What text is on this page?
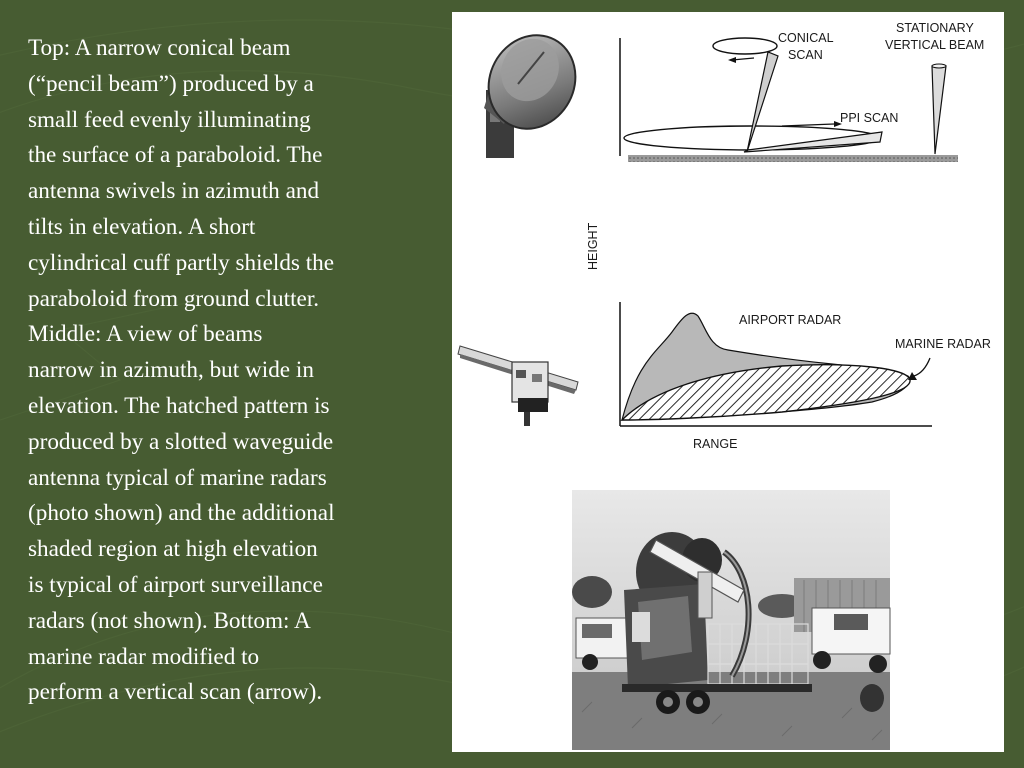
Top: A narrow conical beam
(“pencil beam”) produced by a
small feed evenly illuminating
the surface of a paraboloid. The
antenna swivels in azimuth and
tilts in elevation. A short
cylindrical cuff partly shields the
paraboloid from ground clutter.
Middle: A view of beams
narrow in azimuth, but wide in
elevation. The hatched pattern is
produced by a slotted waveguide
antenna typical of marine radars
(photo shown) and the additional
shaded region at high elevation
is typical of airport surveillance
radars (not shown). Bottom: A
marine radar modified to
perform a vertical scan (arrow).
CONICAL
SCAN
STATIONARY
VERTICAL BEAM
PPI SCAN
HEIGHT
AIRPORT RADAR
MARINE RADAR
RANGE
